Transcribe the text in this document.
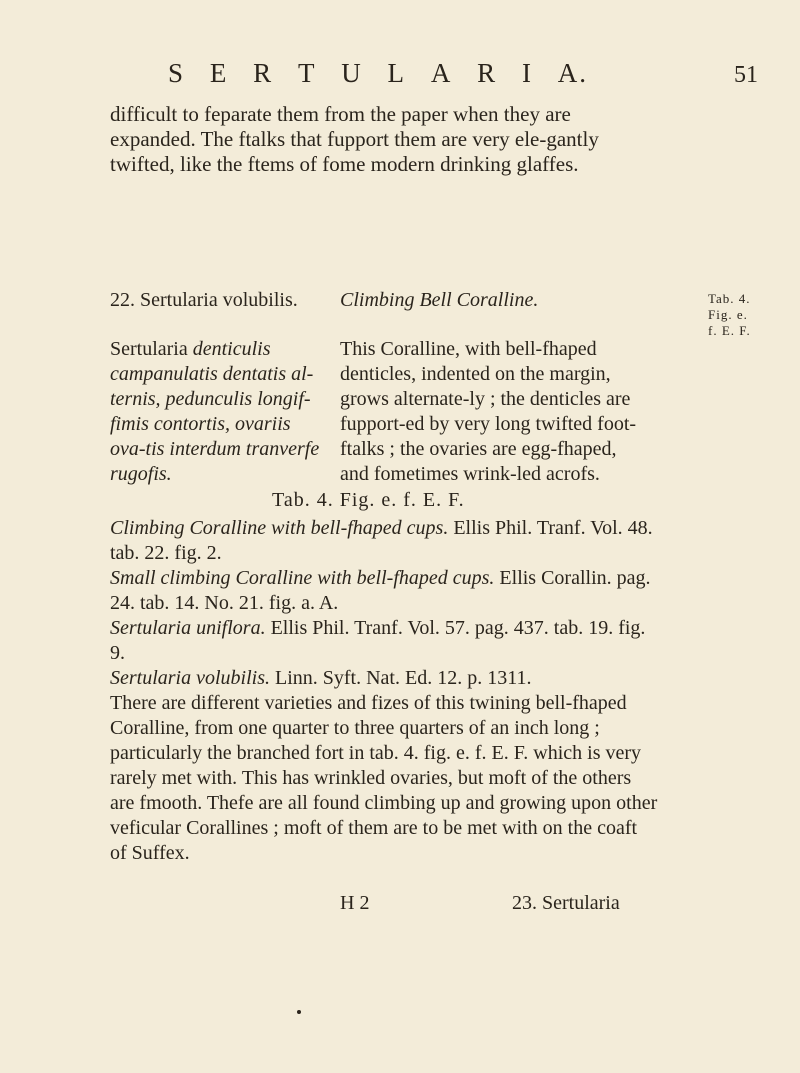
S E R T U L A R I A.	51
difficult to feparate them from the paper when they are expanded. The ftalks that fupport them are very ele-gantly twifted, like the ftems of fome modern drinking glaffes.
22. Sertularia volubilis.
Sertularia denticulis campanulatis dentatis al-ternis, pedunculis longif-fimis contortis, ovariis ova-tis interdum tranverfe rugofis.
Climbing Bell Coralline.
This Coralline, with bell-fhaped denticles, indented on the margin, grows alternate-ly ; the denticles are fupport-ed by very long twifted foot-ftalks ; the ovaries are egg-fhaped, and fometimes wrink-led acrofs.
Tab. 4.
Fig. e.
f. E. F.
Tab. 4. Fig. e. f. E. F.
Climbing Coralline with bell-fhaped cups. Ellis Phil. Tranf. Vol. 48. tab. 22. fig. 2.
Small climbing Coralline with bell-fhaped cups. Ellis Corallin. pag. 24. tab. 14. No. 21. fig. a. A.
Sertularia uniflora. Ellis Phil. Tranf. Vol. 57. pag. 437. tab. 19. fig. 9.
Sertularia volubilis. Linn. Syft. Nat. Ed. 12. p. 1311.
There are different varieties and fizes of this twining bell-fhaped Coralline, from one quarter to three quarters of an inch long ; particularly the branched fort in tab. 4. fig. e. f. E. F. which is very rarely met with. This has wrinkled ovaries, but moft of the others are fmooth. Thefe are all found climbing up and growing upon other veficular Corallines ; moft of them are to be met with on the coaft of Suffex.
H 2	23. Sertularia
